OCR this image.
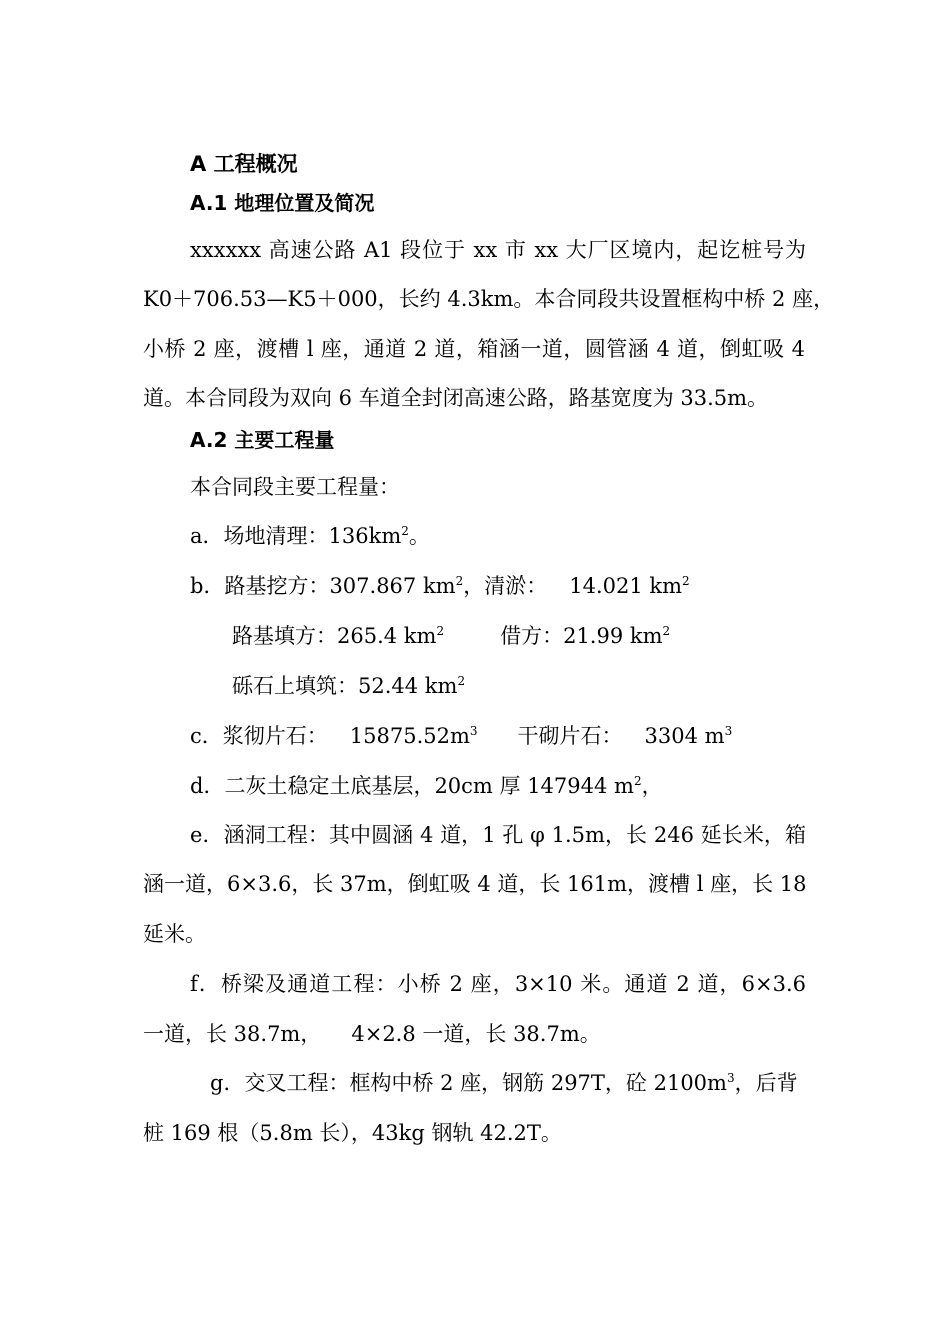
A 工程概况
A.1 地理位置及简况
xxxxxx 高速公路 A1 段位于 xx 市 xx 大厂区境内，起讫桩号为
K0＋706.53—K5＋000，长约 4.3km。本合同段共设置框构中桥 2 座，
小桥 2 座，渡槽 l 座，通道 2 道，箱涵一道，圆管涵 4 道，倒虹吸 4
道。本合同段为双向 6 车道全封闭高速公路，路基宽度为 33.5m。
A.2 主要工程量
本合同段主要工程量：
a．场地清理：$136km^2$。
b．路基挖方：307.867 $km^2$，清淤： 14.021 $km^2$
路基填方：265.4 $km^2$	借方：21.99 $km^2$
砾石上填筑：52.44 $km^2$
c．浆彻片石： $15875.52m^3$ 干砌片石： 3304 $m^3$
d．二灰土稳定土底基层，20cm 厚 147944 $m^2$，
e．涵洞工程：其中圆涵 4 道，1 孔 φ 1.5m，长 246 延长米，箱
涵一道，6×3.6，长 37m，倒虹吸 4 道，长 161m，渡槽 l 座，长 18
延米。
f．桥梁及通道工程：小桥 2 座，3×10 米。通道 2 道，6×3.6
一道，长 38.7m， 4×2.8 一道，长 38.7m。
g．交叉工程：框构中桥 2 座，钢筋 297T，砼 $2100m^3$，后背
桩 169 根（5.8m 长），43kg 钢轨 42.2T。
